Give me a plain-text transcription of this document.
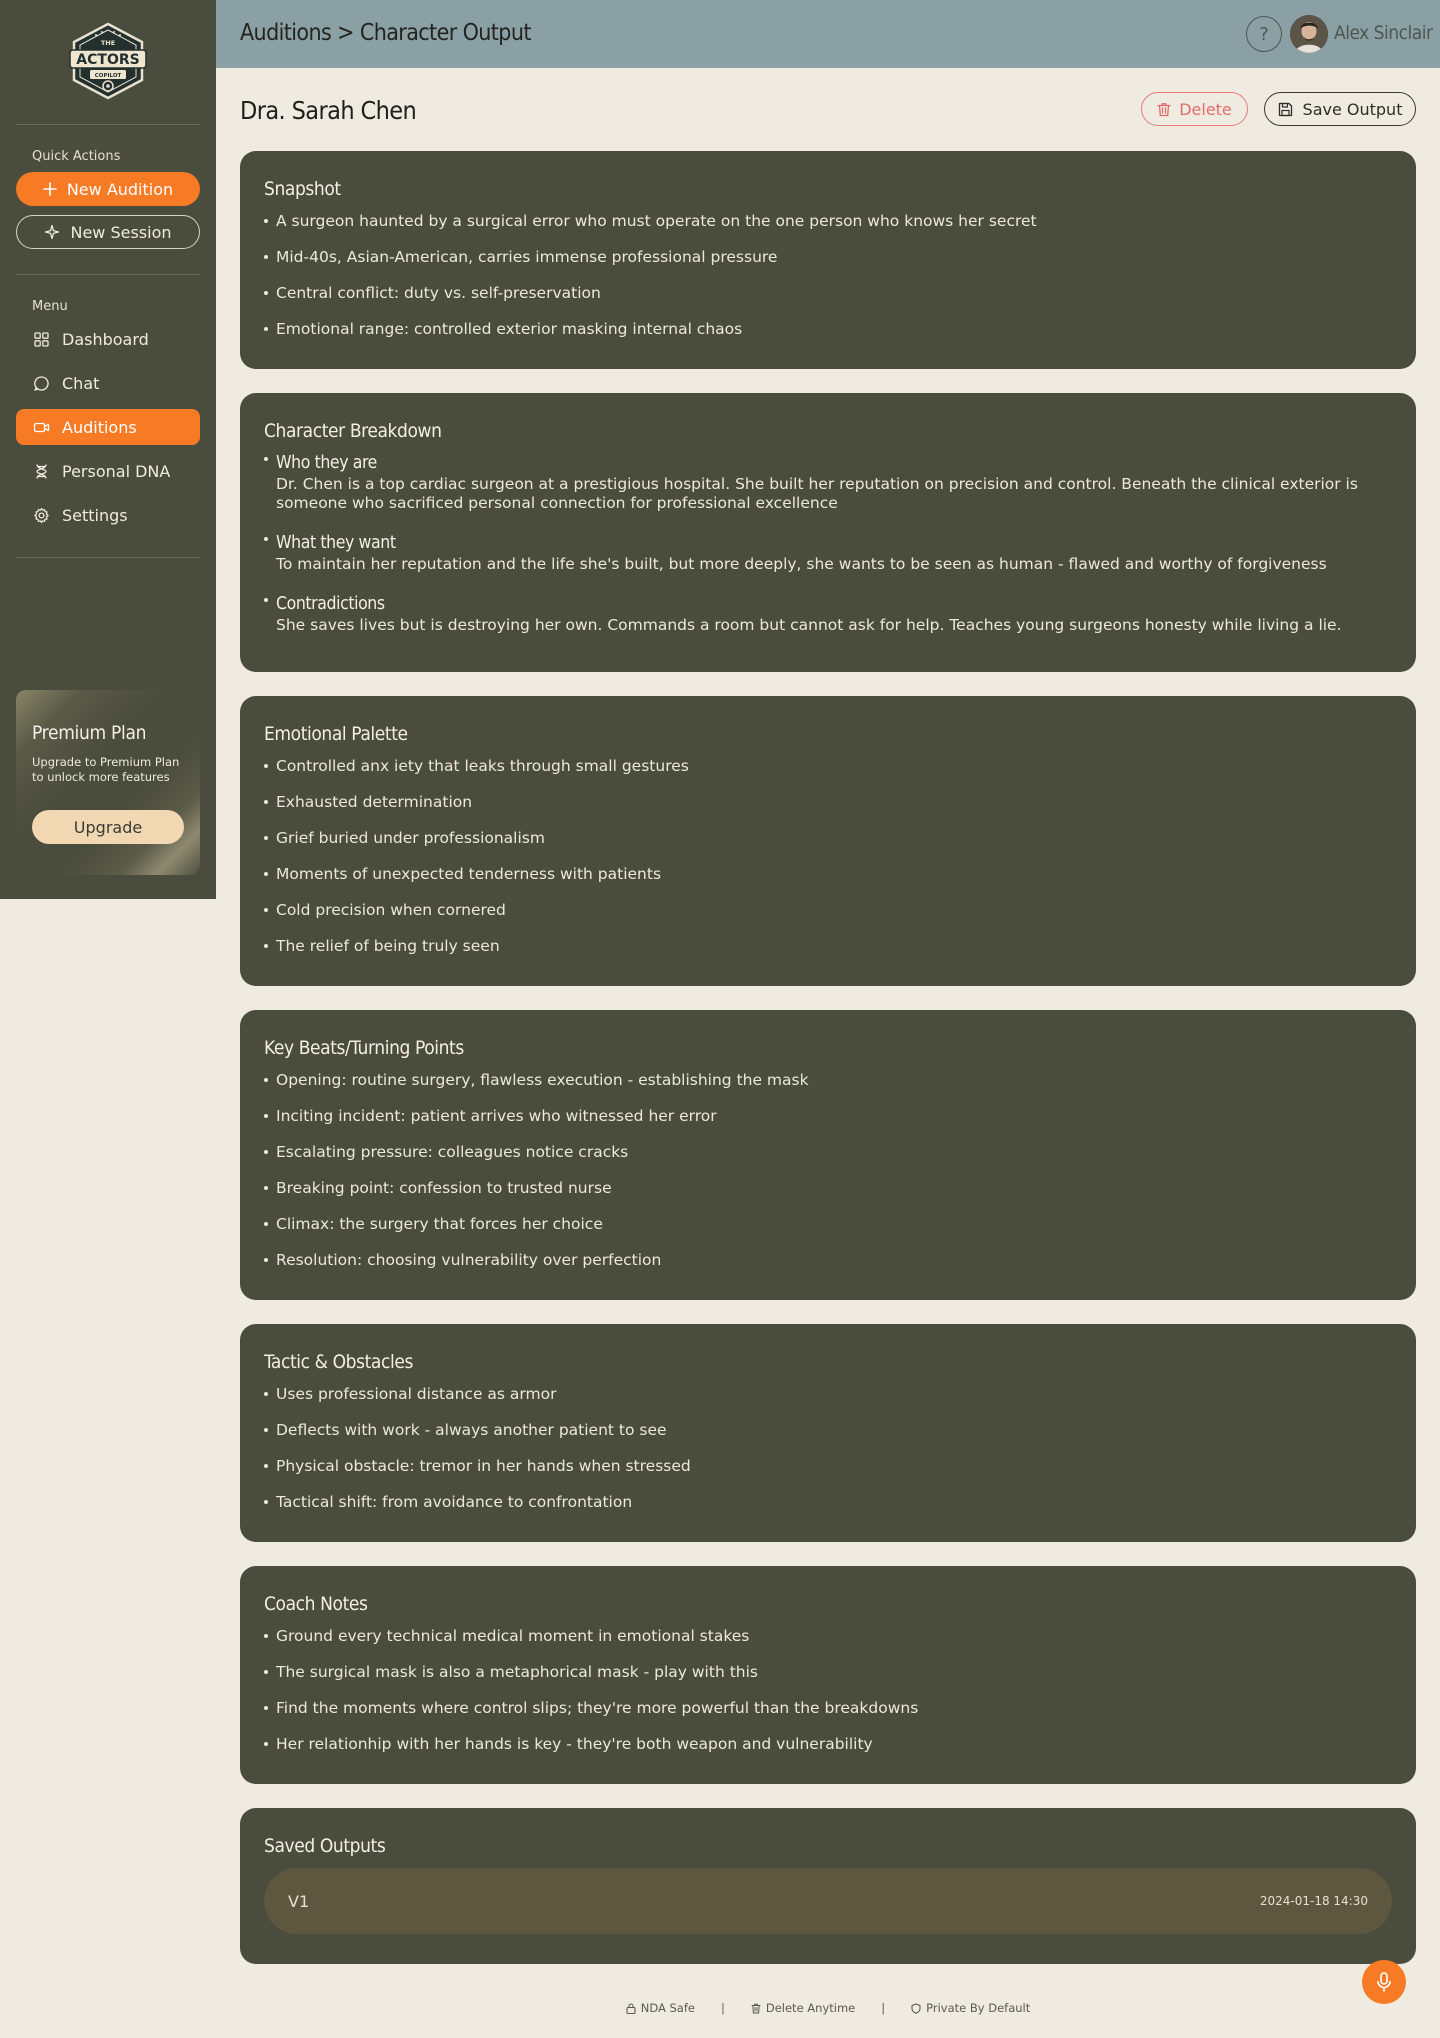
THE
ACTORS
COPILOT
Quick Actions
New Audition
New Session
Menu
Dashboard
Chat
Auditions
Personal DNA
Settings
Premium Plan
Upgrade to Premium Plan to unlock more features
Upgrade
Auditions > Character Output	?	Alex Sinclair
Dra. Sarah Chen	Delete	Save Output
Snapshot
A surgeon haunted by a surgical error who must operate on the one person who knows her secret
Mid-40s, Asian-American, carries immense professional pressure
Central conflict: duty vs. self-preservation
Emotional range: controlled exterior masking internal chaos
Character Breakdown
Who they are
Dr. Chen is a top cardiac surgeon at a prestigious hospital. She built her reputation on precision and control. Beneath the clinical exterior is someone who sacrificed personal connection for professional excellence
What they want
To maintain her reputation and the life she's built, but more deeply, she wants to be seen as human - flawed and worthy of forgiveness
Contradictions
She saves lives but is destroying her own. Commands a room but cannot ask for help. Teaches young surgeons honesty while living a lie.
Emotional Palette
Controlled anx iety that leaks through small gestures
Exhausted determination
Grief buried under professionalism
Moments of unexpected tenderness with patients
Cold precision when cornered
The relief of being truly seen
Key Beats/Turning Points
Opening: routine surgery, flawless execution - establishing the mask
Inciting incident: patient arrives who witnessed her error
Escalating pressure: colleagues notice cracks
Breaking point: confession to trusted nurse
Climax: the surgery that forces her choice
Resolution: choosing vulnerability over perfection
Tactic & Obstacles
Uses professional distance as armor
Deflects with work - always another patient to see
Physical obstacle: tremor in her hands when stressed
Tactical shift: from avoidance to confrontation
Coach Notes
Ground every technical medical moment in emotional stakes
The surgical mask is also a metaphorical mask - play with this
Find the moments where control slips; they're more powerful than the breakdowns
Her relationhip with her hands is key - they're both weapon and vulnerability
Saved Outputs
V1	2024-01-18 14:30
NDA Safe |	Delete Anytime |	Private By Default
